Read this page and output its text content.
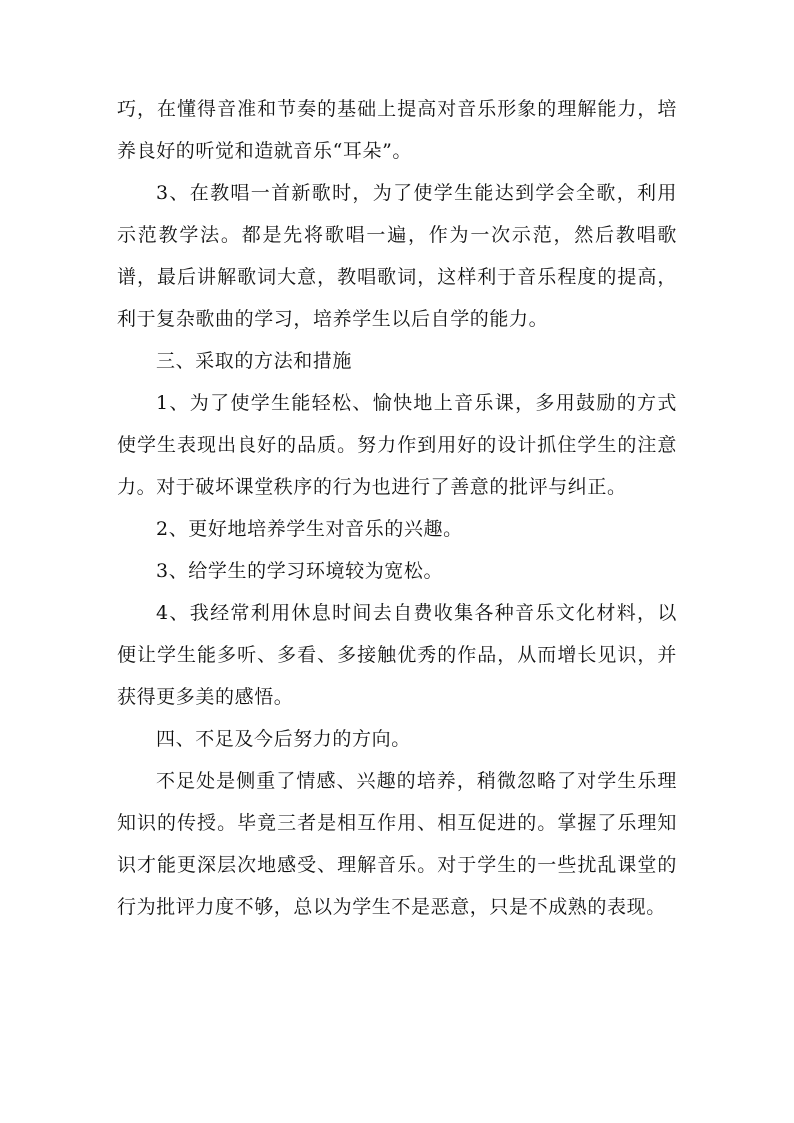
巧，在懂得音准和节奏的基础上提高对音乐形象的理解能力，培养良好的听觉和造就音乐“耳朵”。

3、在教唱一首新歌时，为了使学生能达到学会全歌，利用示范教学法。都是先将歌唱一遍，作为一次示范，然后教唱歌谱，最后讲解歌词大意，教唱歌词，这样利于音乐程度的提高，利于复杂歌曲的学习，培养学生以后自学的能力。

三、采取的方法和措施

1、为了使学生能轻松、愉快地上音乐课，多用鼓励的方式使学生表现出良好的品质。努力作到用好的设计抓住学生的注意力。对于破坏课堂秩序的行为也进行了善意的批评与纠正。

2、更好地培养学生对音乐的兴趣。

3、给学生的学习环境较为宽松。

4、我经常利用休息时间去自费收集各种音乐文化材料，以便让学生能多听、多看、多接触优秀的作品，从而增长见识，并获得更多美的感悟。

四、不足及今后努力的方向。

不足处是侧重了情感、兴趣的培养，稍微忽略了对学生乐理知识的传授。毕竟三者是相互作用、相互促进的。掌握了乐理知识才能更深层次地感受、理解音乐。对于学生的一些扰乱课堂的行为批评力度不够，总以为学生不是恶意，只是不成熟的表现。
